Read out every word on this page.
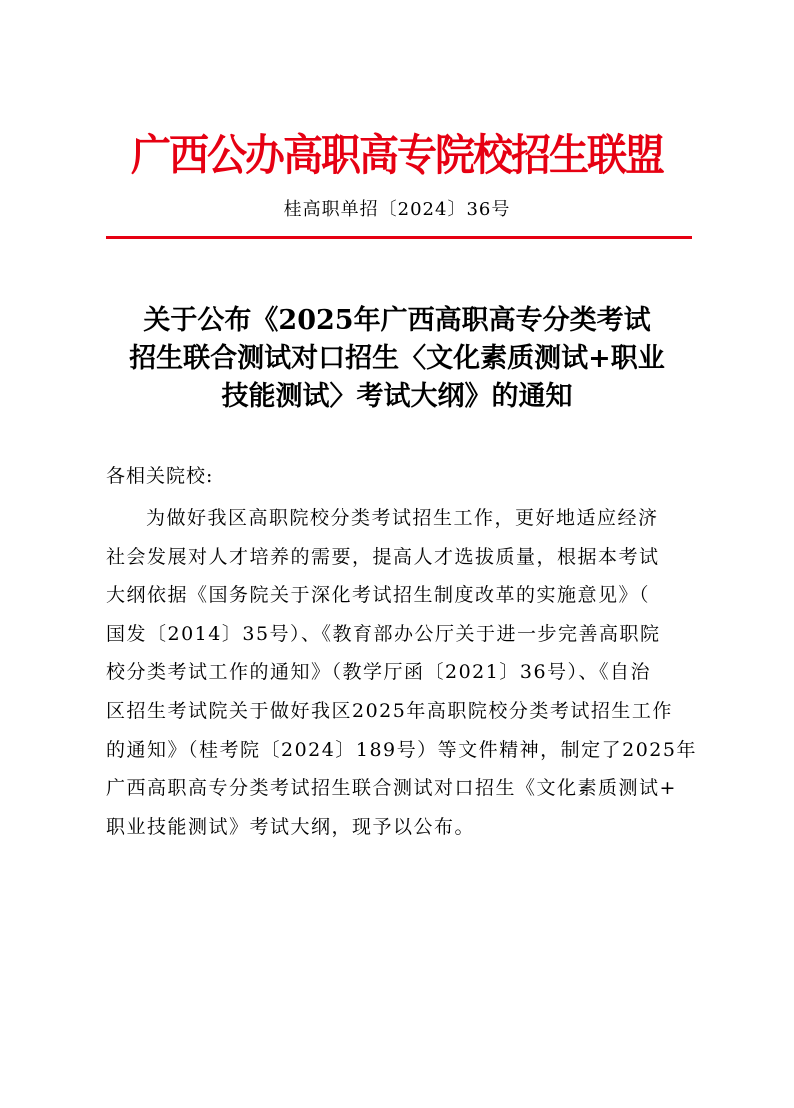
广西公办高职高专院校招生联盟
桂高职单招〔2024〕36号
关于公布《2025年广西高职高专分类考试
招生联合测试对口招生〈文化素质测试+职业
技能测试〉考试大纲》的通知
各相关院校:
为做好我区高职院校分类考试招生工作，更好地适应经济
社会发展对人才培养的需要，提高人才选拔质量，根据本考试
大纲依据《国务院关于深化考试招生制度改革的实施意见》（
国发〔2014〕35号）、《教育部办公厅关于进一步完善高职院
校分类考试工作的通知》（教学厅函〔2021〕36号）、《自治
区招生考试院关于做好我区2025年高职院校分类考试招生工作
的通知》（桂考院〔2024〕189号）等文件精神，制定了2025年
广西高职高专分类考试招生联合测试对口招生《文化素质测试+
职业技能测试》考试大纲，现予以公布。
